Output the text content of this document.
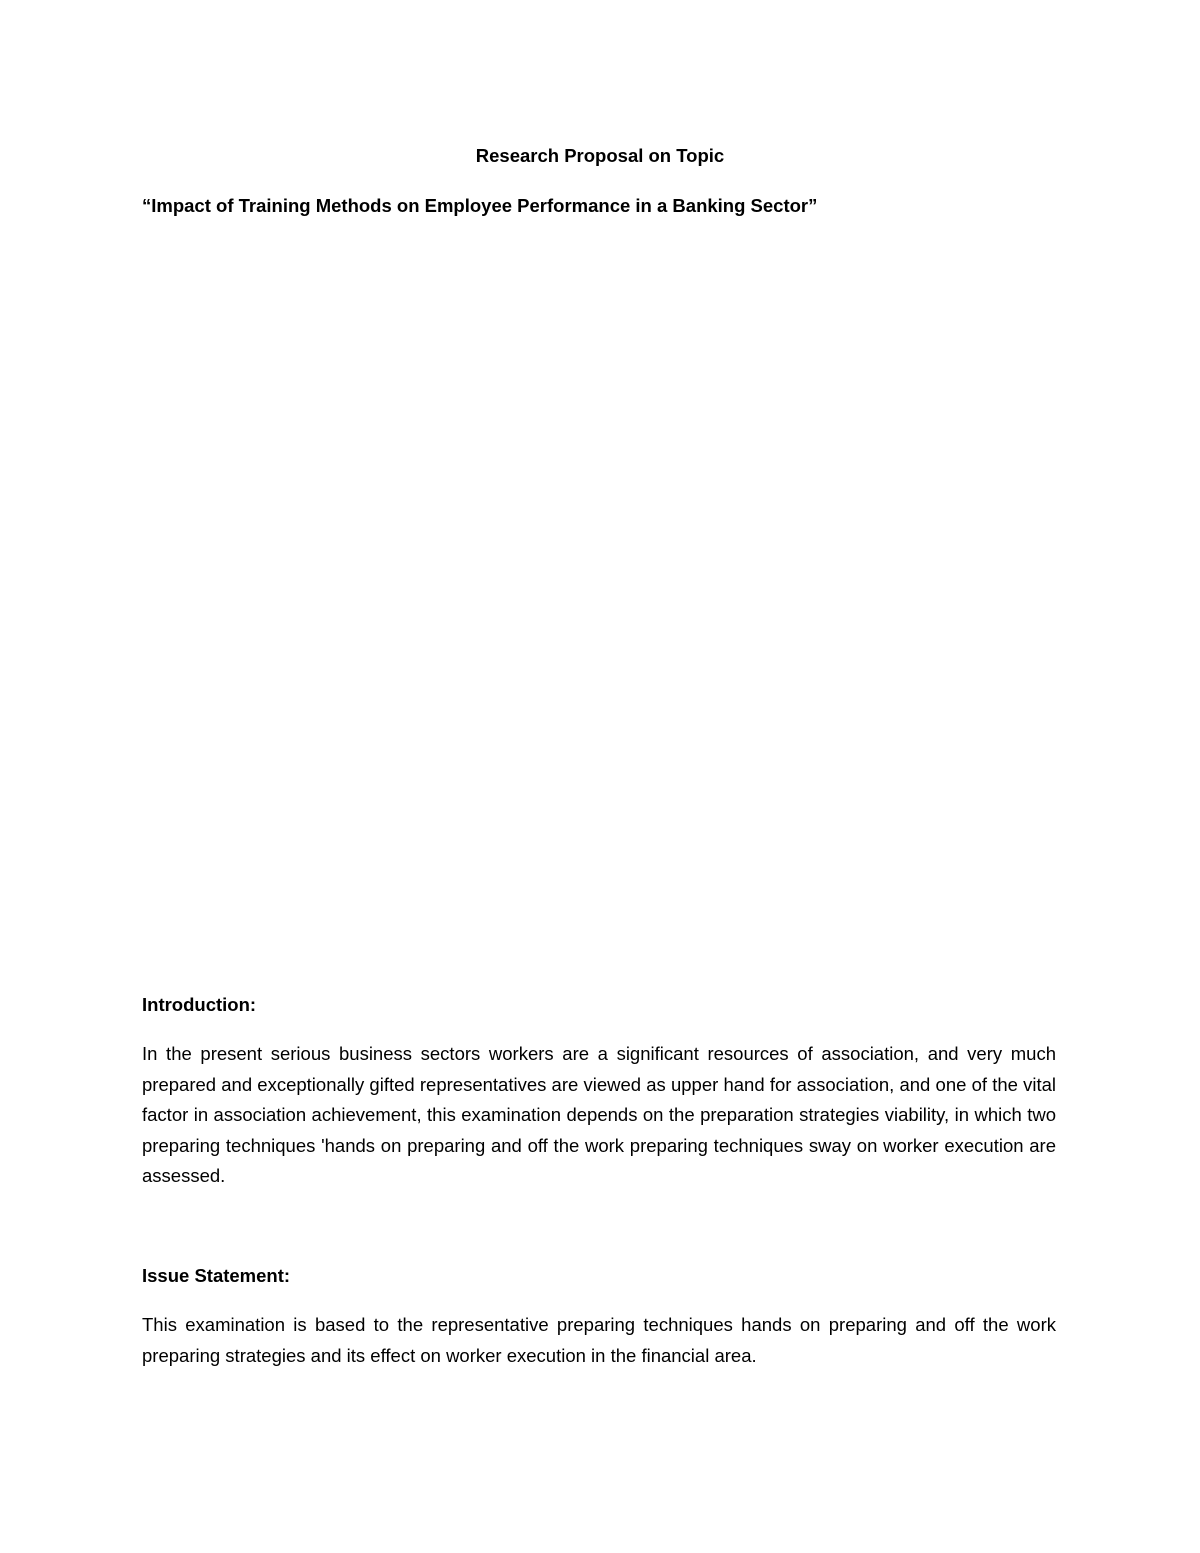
Research Proposal on Topic
“Impact of Training Methods on Employee Performance in a Banking Sector”
Introduction:

In the present serious business sectors workers are a significant resources of association, and very much prepared and exceptionally gifted representatives are viewed as upper hand for association, and one of the vital factor in association achievement, this examination depends on the preparation strategies viability, in which two preparing techniques 'hands on preparing and off the work preparing techniques sway on worker execution are assessed.

Issue Statement:

This examination is based to the representative preparing techniques hands on preparing and off the work preparing strategies and its effect on worker execution in the financial area.
